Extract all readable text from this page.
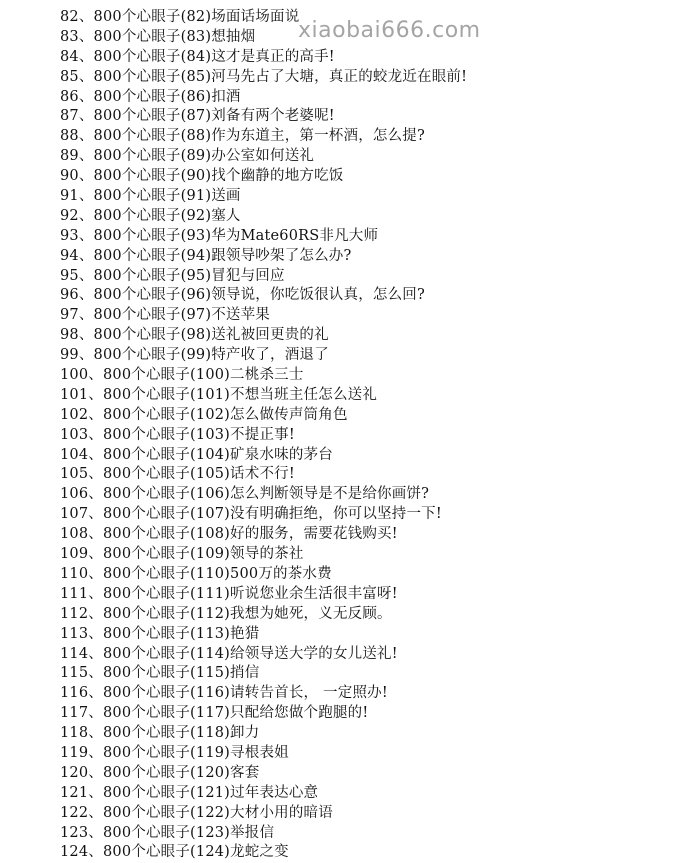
82、800个心眼子(82)场面话场面说
83、800个心眼子(83)想抽烟
84、800个心眼子(84)这才是真正的高手!
85、800个心眼子(85)河马先占了大塘，真正的蛟龙近在眼前!
86、800个心眼子(86)扣酒
87、800个心眼子(87)刘备有两个老婆呢!
88、800个心眼子(88)作为东道主，第一杯酒，怎么提?
89、800个心眼子(89)办公室如何送礼
90、800个心眼子(90)找个幽静的地方吃饭
91、800个心眼子(91)送画
92、800个心眼子(92)塞人
93、800个心眼子(93)华为Mate60RS非凡大师
94、800个心眼子(94)跟领导吵架了怎么办?
95、800个心眼子(95)冒犯与回应
96、800个心眼子(96)领导说，你吃饭很认真，怎么回?
97、800个心眼子(97)不送苹果
98、800个心眼子(98)送礼被回更贵的礼
99、800个心眼子(99)特产收了，酒退了
100、800个心眼子(100)二桃杀三士
101、800个心眼子(101)不想当班主任怎么送礼
102、800个心眼子(102)怎么做传声筒角色
103、800个心眼子(103)不提正事!
104、800个心眼子(104)矿泉水味的茅台
105、800个心眼子(105)话术不行!
106、800个心眼子(106)怎么判断领导是不是给你画饼?
107、800个心眼子(107)没有明确拒绝，你可以坚持一下!
108、800个心眼子(108)好的服务，需要花钱购买!
109、800个心眼子(109)领导的茶社
110、800个心眼子(110)500万的茶水费
111、800个心眼子(111)听说您业余生活很丰富呀!
112、800个心眼子(112)我想为她死，义无反顾。
113、800个心眼子(113)艳猎
114、800个心眼子(114)给领导送大学的女儿送礼!
115、800个心眼子(115)捎信
116、800个心眼子(116)请转告首长， 一定照办!
117、800个心眼子(117)只配给您做个跑腿的!
118、800个心眼子(118)卸力
119、800个心眼子(119)寻根表姐
120、800个心眼子(120)客套
121、800个心眼子(121)过年表达心意
122、800个心眼子(122)大材小用的暗语
123、800个心眼子(123)举报信
124、800个心眼子(124)龙蛇之变
xiaobai666.com
